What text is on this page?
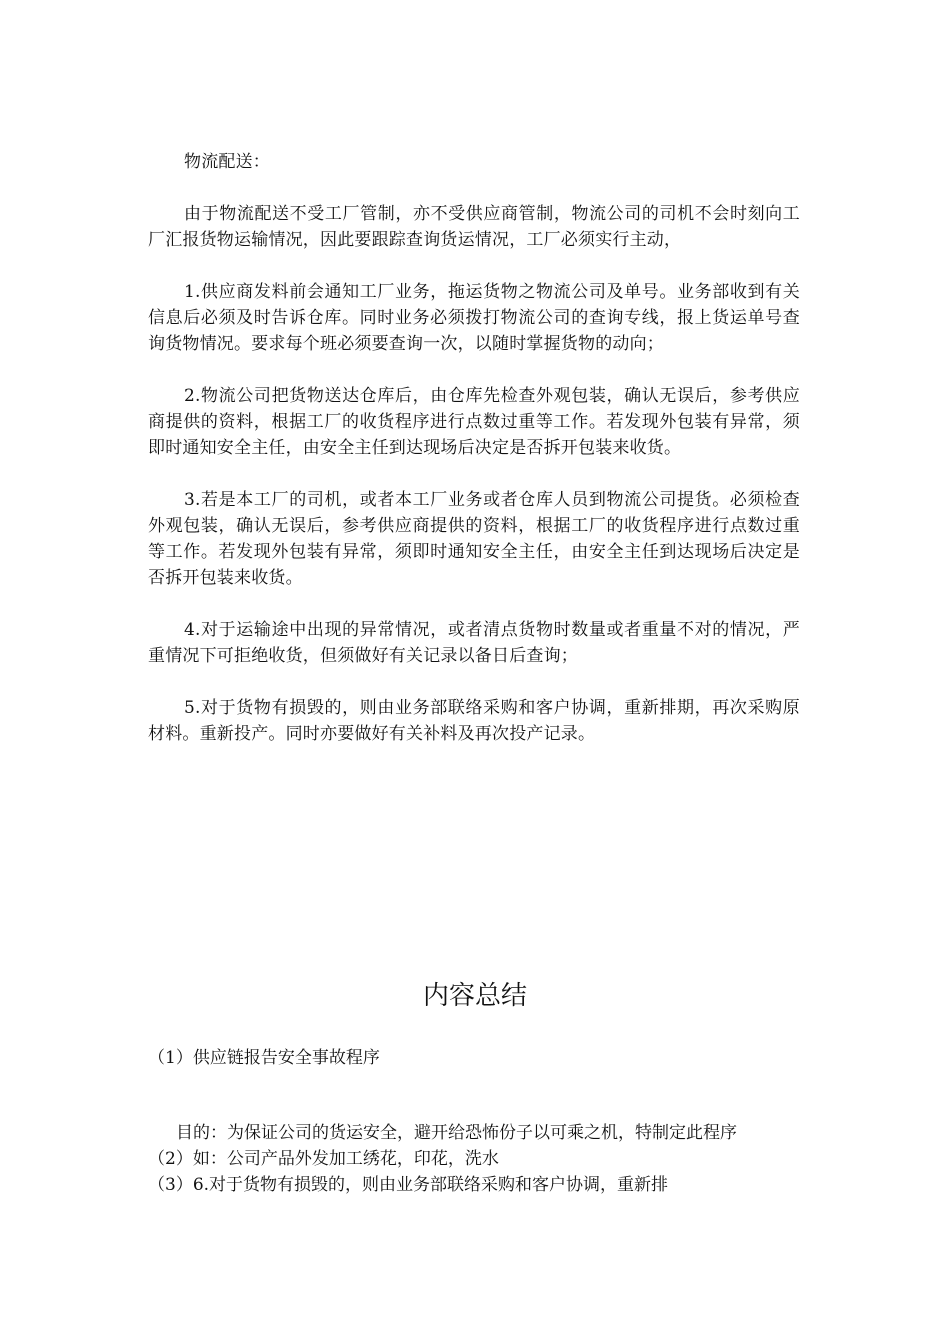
物流配送：

由于物流配送不受工厂管制，亦不受供应商管制，物流公司的司机不会时刻向工厂汇报货物运输情况，因此要跟踪查询货运情况，工厂必须实行主动，

1.供应商发料前会通知工厂业务，拖运货物之物流公司及单号。业务部收到有关信息后必须及时告诉仓库。同时业务必须拨打物流公司的查询专线，报上货运单号查询货物情况。要求每个班必须要查询一次，以随时掌握货物的动向；

2.物流公司把货物送达仓库后，由仓库先检查外观包装，确认无误后，参考供应商提供的资料，根据工厂的收货程序进行点数过重等工作。若发现外包装有异常，须即时通知安全主任，由安全主任到达现场后决定是否拆开包装来收货。

3.若是本工厂的司机，或者本工厂业务或者仓库人员到物流公司提货。必须检查外观包装，确认无误后，参考供应商提供的资料，根据工厂的收货程序进行点数过重等工作。若发现外包装有异常，须即时通知安全主任，由安全主任到达现场后决定是否拆开包装来收货。

4.对于运输途中出现的异常情况，或者清点货物时数量或者重量不对的情况，严重情况下可拒绝收货，但须做好有关记录以备日后查询；

5.对于货物有损毁的，则由业务部联络采购和客户协调，重新排期，再次采购原材料。重新投产。同时亦要做好有关补料及再次投产记录。

内容总结

（1）供应链报告安全事故程序

目的：为保证公司的货运安全，避开给恐怖份子以可乘之机，特制定此程序

（2）如：公司产品外发加工绣花，印花，洗水

（3）6.对于货物有损毁的，则由业务部联络采购和客户协调，重新排
